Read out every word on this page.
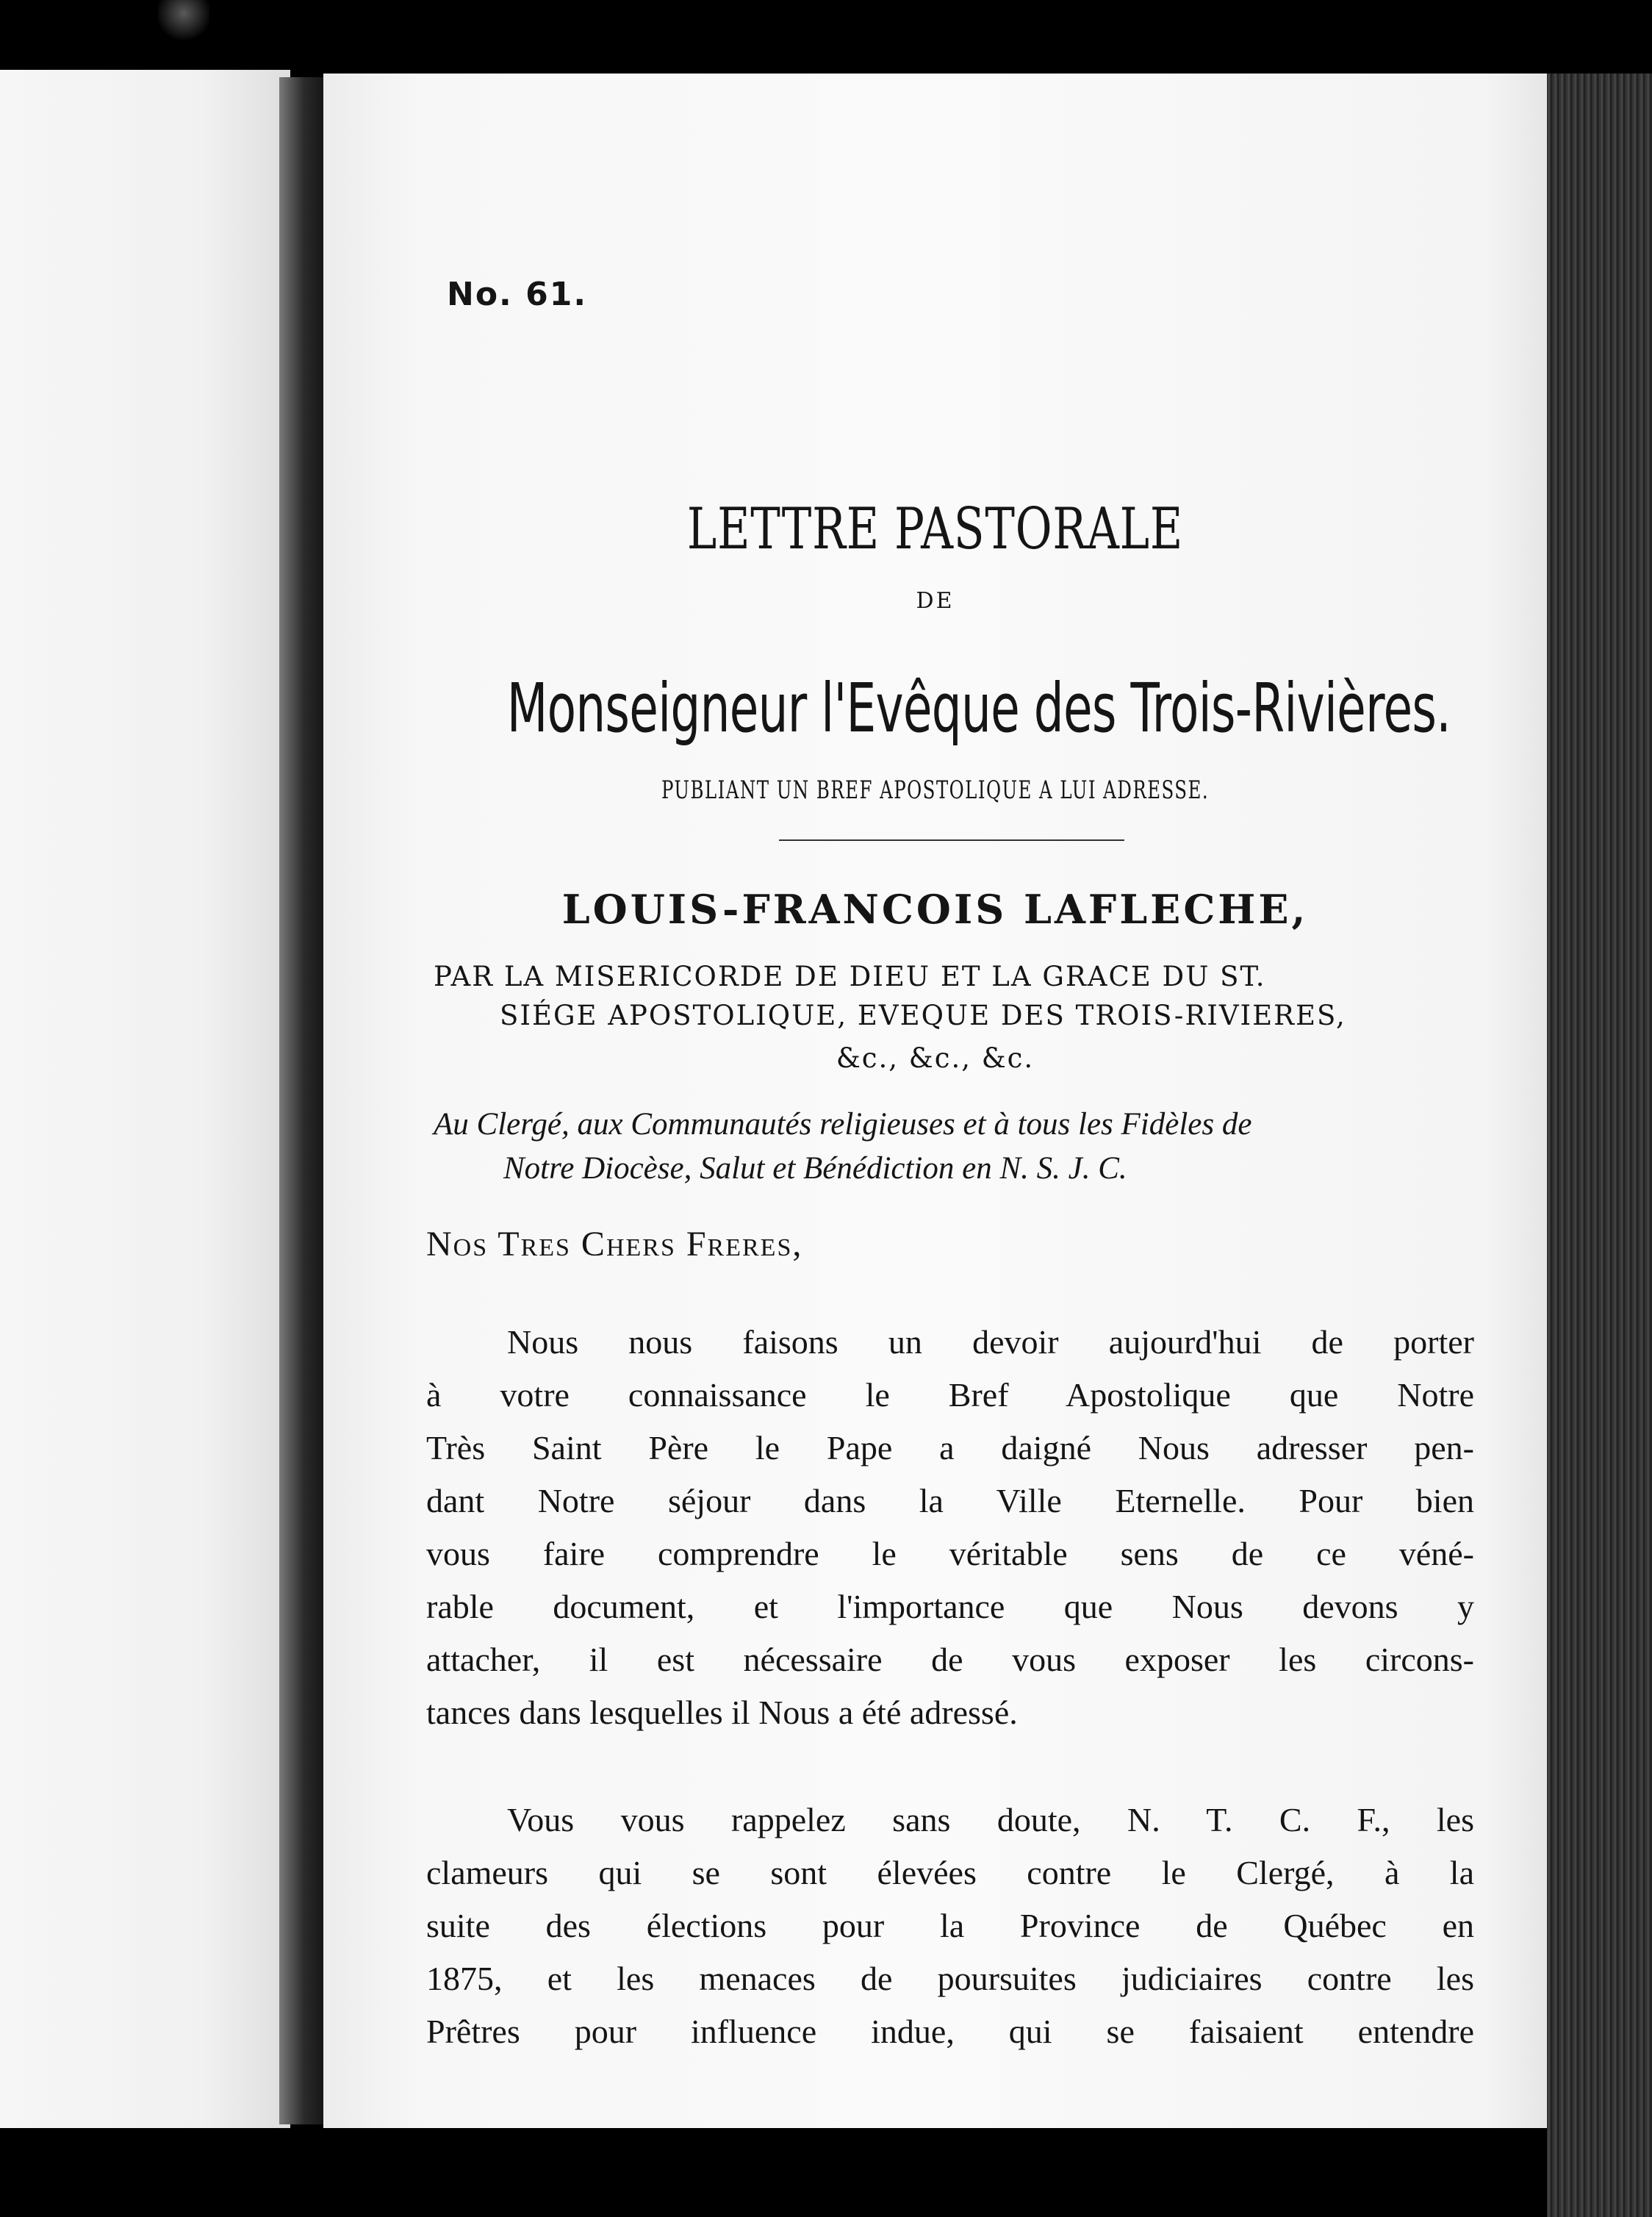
No. 61.

LETTRE PASTORALE

DE

Monseigneur l'Evêque des Trois-Rivières.

PUBLIANT UN BREF APOSTOLIQUE A LUI ADRESSE.

LOUIS-FRANCOIS LAFLECHE,

PAR LA MISERICORDE DE DIEU ET LA GRACE DU ST.

SIÉGE APOSTOLIQUE, EVEQUE DES TROIS-RIVIERES,

&c., &c., &c.

Au Clergé, aux Communautés religieuses et à tous les Fidèles de

Notre Diocèse, Salut et Bénédiction en N. S. J. C.

Nos Tres Chers Freres,

Nous nous faisons un devoir aujourd'hui de porter
à votre connaissance le Bref Apostolique que Notre
Très Saint Père le Pape a daigné Nous adresser pen-
dant Notre séjour dans la Ville Eternelle. Pour bien
vous faire comprendre le véritable sens de ce véné-
rable document, et l'importance que Nous devons y
attacher, il est nécessaire de vous exposer les circons-
tances dans lesquelles il Nous a été adressé.
Vous vous rappelez sans doute, N. T. C. F., les
clameurs qui se sont élevées contre le Clergé, à la
suite des élections pour la Province de Québec en
1875, et les menaces de poursuites judiciaires contre les
Prêtres pour influence indue, qui se faisaient entendre
